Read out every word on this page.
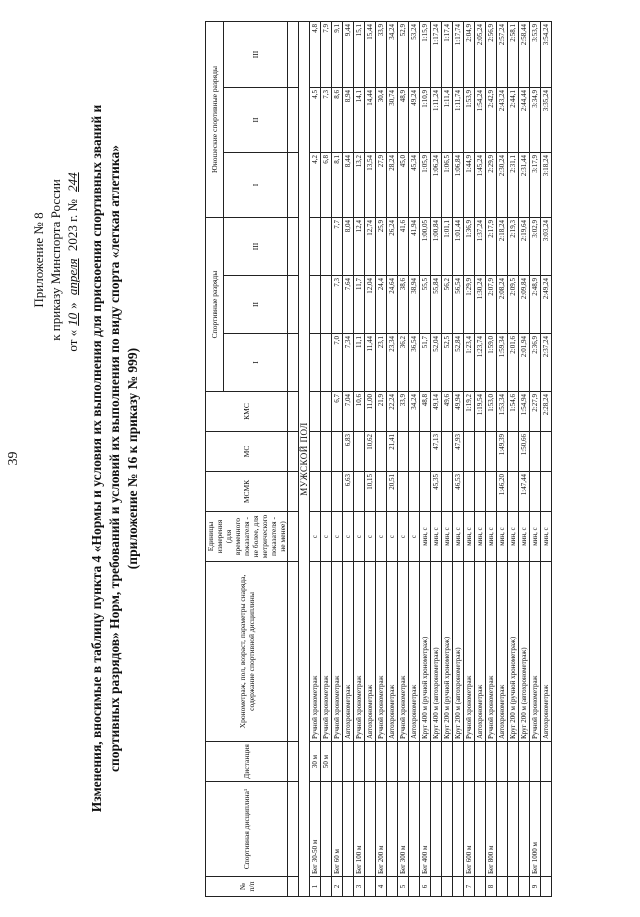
39
Приложение № 8 к приказу Минспорта России от «10» апреля 2023 г. № 244 Изменения, вносимые в таблицу пункта 4 «Нормы и условия их выполнения для присвоения спортивных званий и спортивных разрядов» Норм, требований и условий их выполнения по виду спорта «легкая атлетика» (приложение № 16 к приказу № 999)
№ п/п	Спортивная дисциплина¹	Дистанция	Хронометраж, пол, возраст, параметры снаряда, содержание спортивной дисциплины	Единицы измерения (для временного показателя - не более, для метрического показателя - не менее)	МСМК	МС	КМС	Спортивные разряды			Юношеские спортивные разряды		
								I	II	III	I	II	III

МУЖСКОЙ ПОЛ													
1	Бег 30-50 м	30 м	Ручной хронометраж	с							4,2	4,5	4,8
		50 м	Ручной хронометраж	с							6,8	7,3	7,9
2	Бег 60 м		Ручной хронометраж	с			6,7	7,0	7,3	7,7	8,1	8,6	9,1
			Автохронометраж	с	6,63	6,83	7,04	7,34	7,64	8,04	8,44	8,94	9,44
3	Бег 100 м		Ручной хронометраж	с			10,6	11,1	11,7	12,4	13,2	14,1	15,1
			Автохронометраж	с	10,15	10,62	11,00	11,44	12,04	12,74	13,54	14,44	15,44
4	Бег 200 м		Ручной хронометраж	с			21,9	23,1	24,4	25,9	27,9	30,4	33,9
			Автохронометраж	с	20,51	21,41	22,24	23,34	24,64	26,24	28,24	30,74	34,24
5	Бег 300 м		Ручной хронометраж	с			33,9	36,2	38,6	41,6	45,0	48,9	52,9
			Автохронометраж	с			34,24	36,54	38,94	41,94	45,34	49,24	53,24
6	Бег 400 м		Круг 400 м (ручной хронометраж)	мин, с			48,8	51,7	55,5	1:00,05	1:05,9	1:10,9	1:15,9
			Круг 400 м (автохронометраж)	мин, с	45,35	47,13	49,14	52,04	55,84	1:00,84	1:06,24	1:11,24	1:17,24
			Круг 200 м (ручной хронометраж)	мин, с			49,6	52,5	56,2	1:01,1	1:06,5	1:11,4	1:17,4
			Круг 200 м (автохронометраж)	мин, с	46,53	47,93	49,94	52,84	56,54	1:01,44	1:06,84	1:11,74	1:17,74
7	Бег 600 м		Ручной хронометраж	мин, с			1:19,2	1:23,4	1:29,9	1:36,9	1:44,9	1:53,9	2:04,9
			Автохронометраж	мин, с			1:19,54	1:23,74	1:30,24	1:37,24	1:45,24	1:54,24	2:05,24
8	Бег 800 м		Ручной хронометраж	мин, с			1:53,0	1:59,0	2:07,9	2:17,9	2:29,9	2:42,9	2:56,9
			Автохронометраж	мин, с	1:46,20	1:49,39	1:53,34	1:59,34	2:08,24	2:18,24	2:30,24	2:43,24	2:57,24
			Круг 200 м (ручной хронометраж)	мин, с			1:54,6	2:01,6	2:09,5	2:19,3	2:31,1	2:44,1	2:58,1
			Круг 200 м (автохронометраж)	мин, с	1:47,44	1:50,66	1:54,94	2:01,94	2:09,84	2:19,64	2:31,44	2:44,44	2:58,44
9	Бег 1000 м		Ручной хронометраж	мин, с			2:27,9	2:36,9	2:48,9	3:02,9	3:17,9	3:34,9	3:53,9
			Автохронометраж	мин, с			2:28,24	2:37,24	2:49,24	3:03,24	3:18,24	3:35,24	3:54,24
